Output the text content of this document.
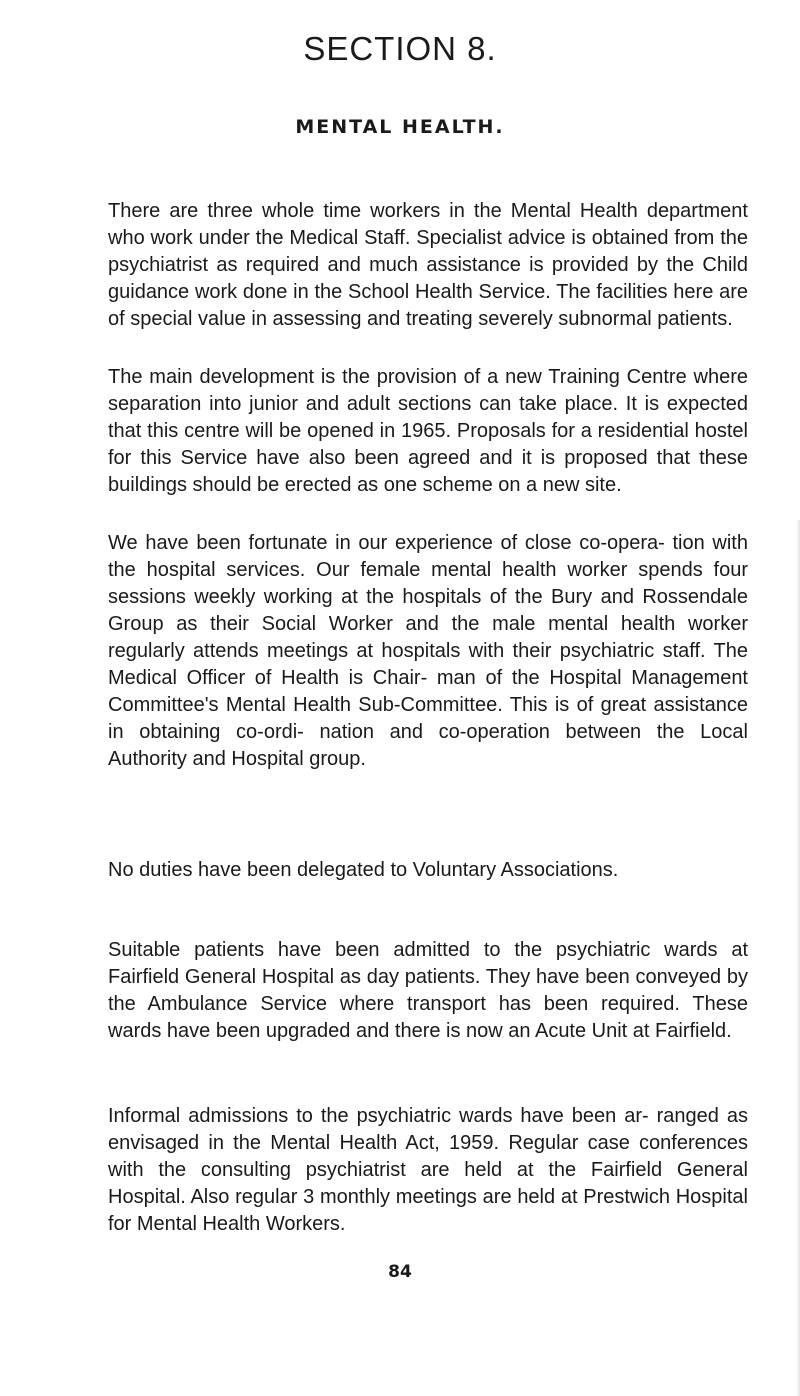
SECTION 8.
MENTAL HEALTH.

There are three whole time workers in the Mental Health department who work under the Medical Staff. Specialist advice is obtained from the psychiatrist as required and much assistance is provided by the Child guidance work done in the School Health Service. The facilities here are of special value in assessing and treating severely subnormal patients.

The main development is the provision of a new Training Centre where separation into junior and adult sections can take place. It is expected that this centre will be opened in 1965. Proposals for a residential hostel for this Service have also been agreed and it is proposed that these buildings should be erected as one scheme on a new site.

We have been fortunate in our experience of close co-opera- tion with the hospital services. Our female mental health worker spends four sessions weekly working at the hospitals of the Bury and Rossendale Group as their Social Worker and the male mental health worker regularly attends meetings at hospitals with their psychiatric staff. The Medical Officer of Health is Chair- man of the Hospital Management Committee's Mental Health Sub-Committee. This is of great assistance in obtaining co-ordi- nation and co-operation between the Local Authority and Hospital group.

No duties have been delegated to Voluntary Associations.

Suitable patients have been admitted to the psychiatric wards at Fairfield General Hospital as day patients. They have been conveyed by the Ambulance Service where transport has been required. These wards have been upgraded and there is now an Acute Unit at Fairfield.

Informal admissions to the psychiatric wards have been ar- ranged as envisaged in the Mental Health Act, 1959. Regular case conferences with the consulting psychiatrist are held at the Fairfield General Hospital. Also regular 3 monthly meetings are held at Prestwich Hospital for Mental Health Workers.

84
